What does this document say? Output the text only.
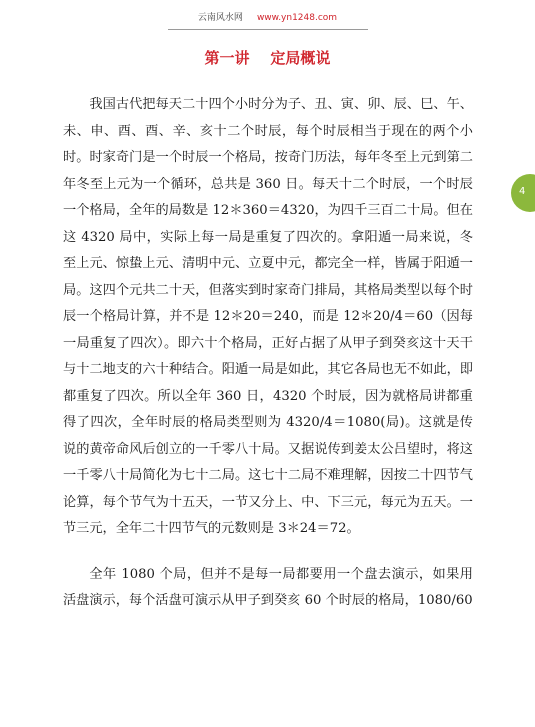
云南风水网 www.yn1248.com
第一讲    定局概说
4

我国古代把每天二十四个小时分为子、丑、寅、卯、辰、巳、午、未、申、酉、酉、辛、亥十二个时辰，每个时辰相当于现在的两个小时。时家奇门是一个时辰一个格局，按奇门历法，每年冬至上元到第二年冬至上元为一个循环，总共是 360 日。每天十二个时辰，一个时辰一个格局，全年的局数是 12＊360＝4320，为四千三百二十局。但在这 4320 局中，实际上每一局是重复了四次的。拿阳遁一局来说，冬至上元、惊蛰上元、清明中元、立夏中元，都完全一样，皆属于阳遁一局。这四个元共二十天，但落实到时家奇门排局，其格局类型以每个时辰一个格局计算，并不是 12＊20＝240，而是 12＊20/4＝60（因每一局重复了四次）。即六十个格局，正好占据了从甲子到癸亥这十天干与十二地支的六十种结合。阳遁一局是如此，其它各局也无不如此，即都重复了四次。所以全年 360 日，4320 个时辰，因为就格局讲都重得了四次，全年时辰的格局类型则为 4320/4＝1080(局)。这就是传说的黄帝命风后创立的一千零八十局。又据说传到姜太公吕望时，将这一千零八十局简化为七十二局。这七十二局不难理解，因按二十四节气论算，每个节气为十五天，一节又分上、中、下三元，每元为五天。一节三元，全年二十四节气的元数则是 3＊24＝72。

全年 1080 个局，但并不是每一局都要用一个盘去演示，如果用活盘演示，每个活盘可演示从甲子到癸亥 60 个时辰的格局，1080/60
